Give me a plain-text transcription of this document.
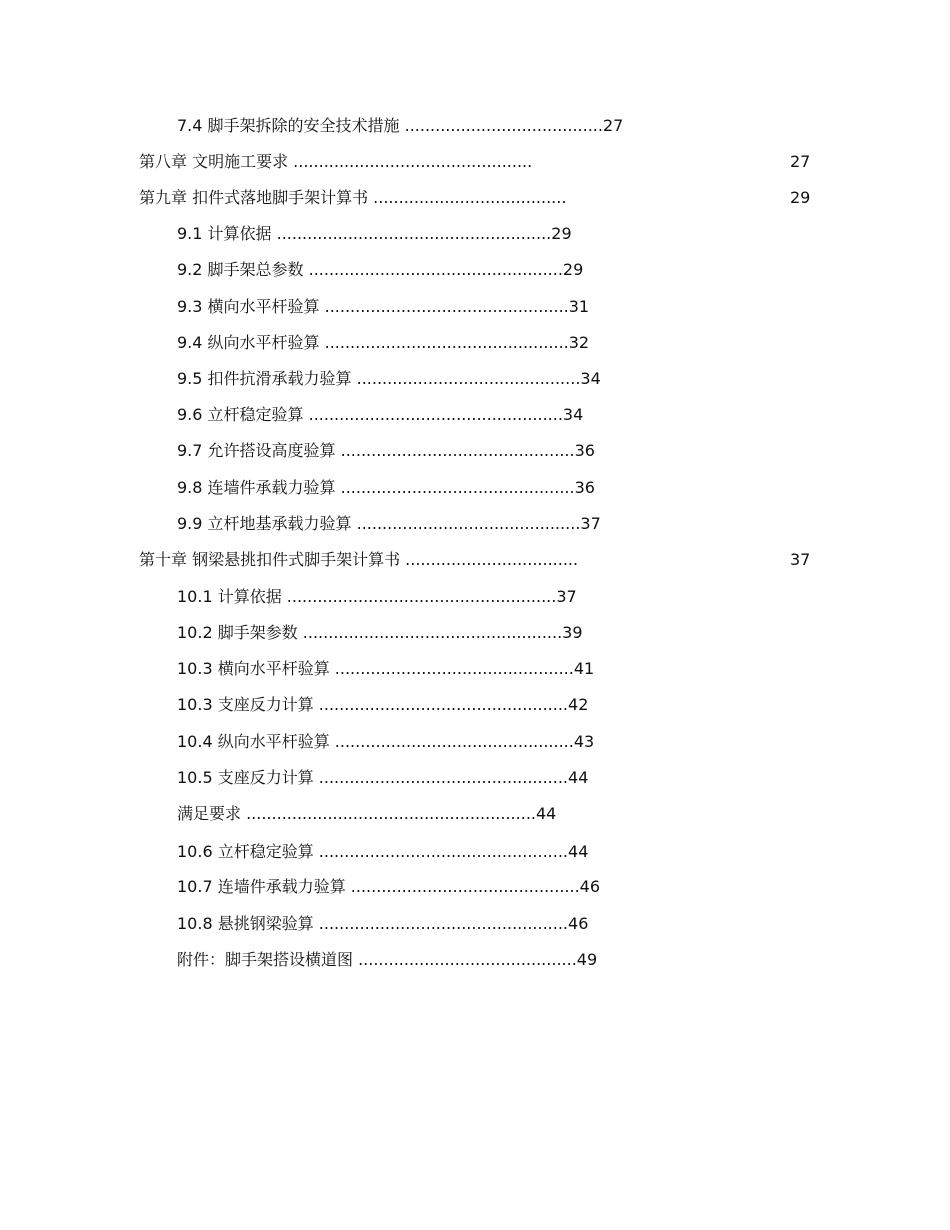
7.4 脚手架拆除的安全技术措施 .......................................27
第八章 文明施工要求 ...............................................	27
第九章 扣件式落地脚手架计算书 ......................................	29
9.1 计算依据 ......................................................29
9.2 脚手架总参数 ..................................................29
9.3 横向水平杆验算 ................................................31
9.4 纵向水平杆验算 ................................................32
9.5 扣件抗滑承载力验算 ............................................34
9.6 立杆稳定验算 ..................................................34
9.7 允许搭设高度验算 ..............................................36
9.8 连墙件承载力验算 ..............................................36
9.9 立杆地基承载力验算 ............................................37
第十章 钢梁悬挑扣件式脚手架计算书 ..................................	37
10.1 计算依据 .....................................................37
10.2 脚手架参数 ...................................................39
10.3 横向水平杆验算 ...............................................41
10.3 支座反力计算 .................................................42
10.4 纵向水平杆验算 ...............................................43
10.5 支座反力计算 .................................................44
满足要求 .........................................................44
10.6 立杆稳定验算 .................................................44
10.7 连墙件承载力验算 .............................................46
10.8 悬挑钢梁验算 .................................................46
附件：脚手架搭设横道图 ...........................................49
